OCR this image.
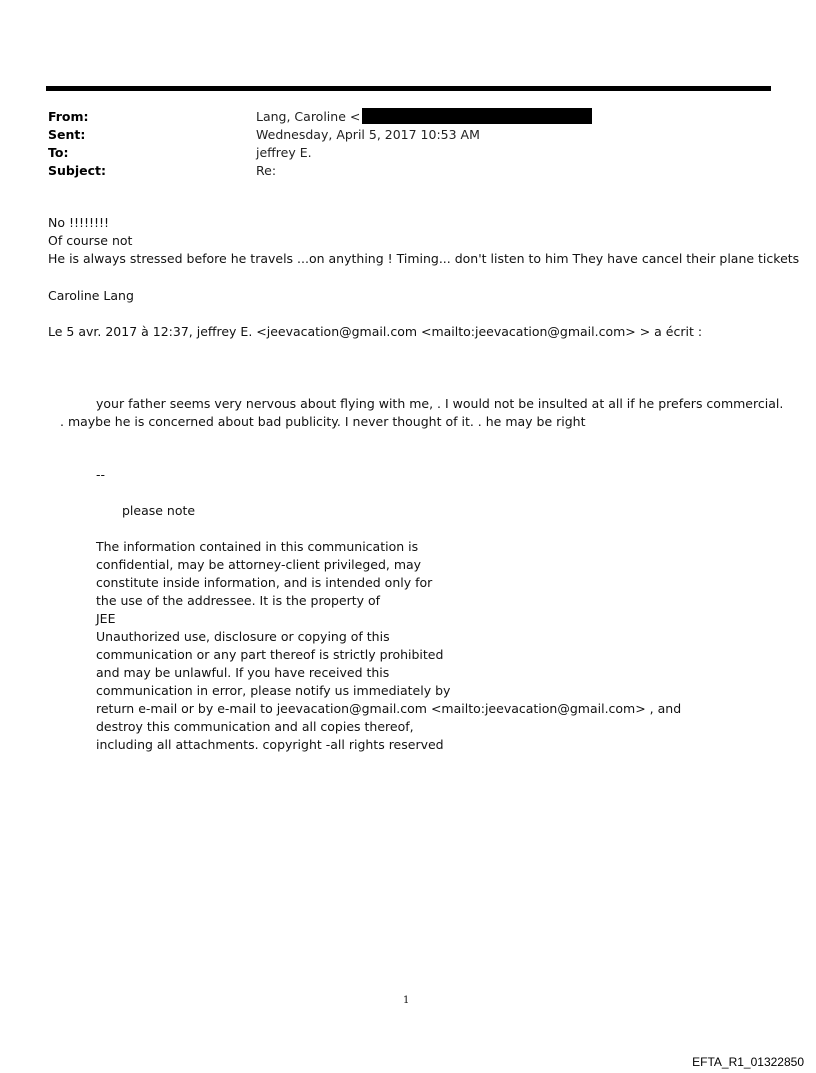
From:	Lang, Caroline <
Sent:	Wednesday, April 5, 2017 10:53 AM
To:	jeffrey E.
Subject:	Re:
No !!!!!!!!
Of course not
He is always stressed before he travels ...on anything ! Timing... don't listen to him They have cancel their plane tickets
Caroline Lang
Le 5 avr. 2017 à 12:37, jeffrey E. <jeevacation@gmail.com <mailto:jeevacation@gmail.com> > a écrit :
your father seems very nervous about flying with me, . I would not be insulted at all if he prefers commercial.
. maybe he is concerned about bad publicity. I never thought of it. . he may be right
--
please note
The information contained in this communication is
confidential, may be attorney-client privileged, may
constitute inside information, and is intended only for
the use of the addressee. It is the property of
JEE
Unauthorized use, disclosure or copying of this
communication or any part thereof is strictly prohibited
and may be unlawful. If you have received this
communication in error, please notify us immediately by
return e-mail or by e-mail to jeevacation@gmail.com <mailto:jeevacation@gmail.com> , and
destroy this communication and all copies thereof,
including all attachments. copyright -all rights reserved
1
EFTA_R1_01322850
